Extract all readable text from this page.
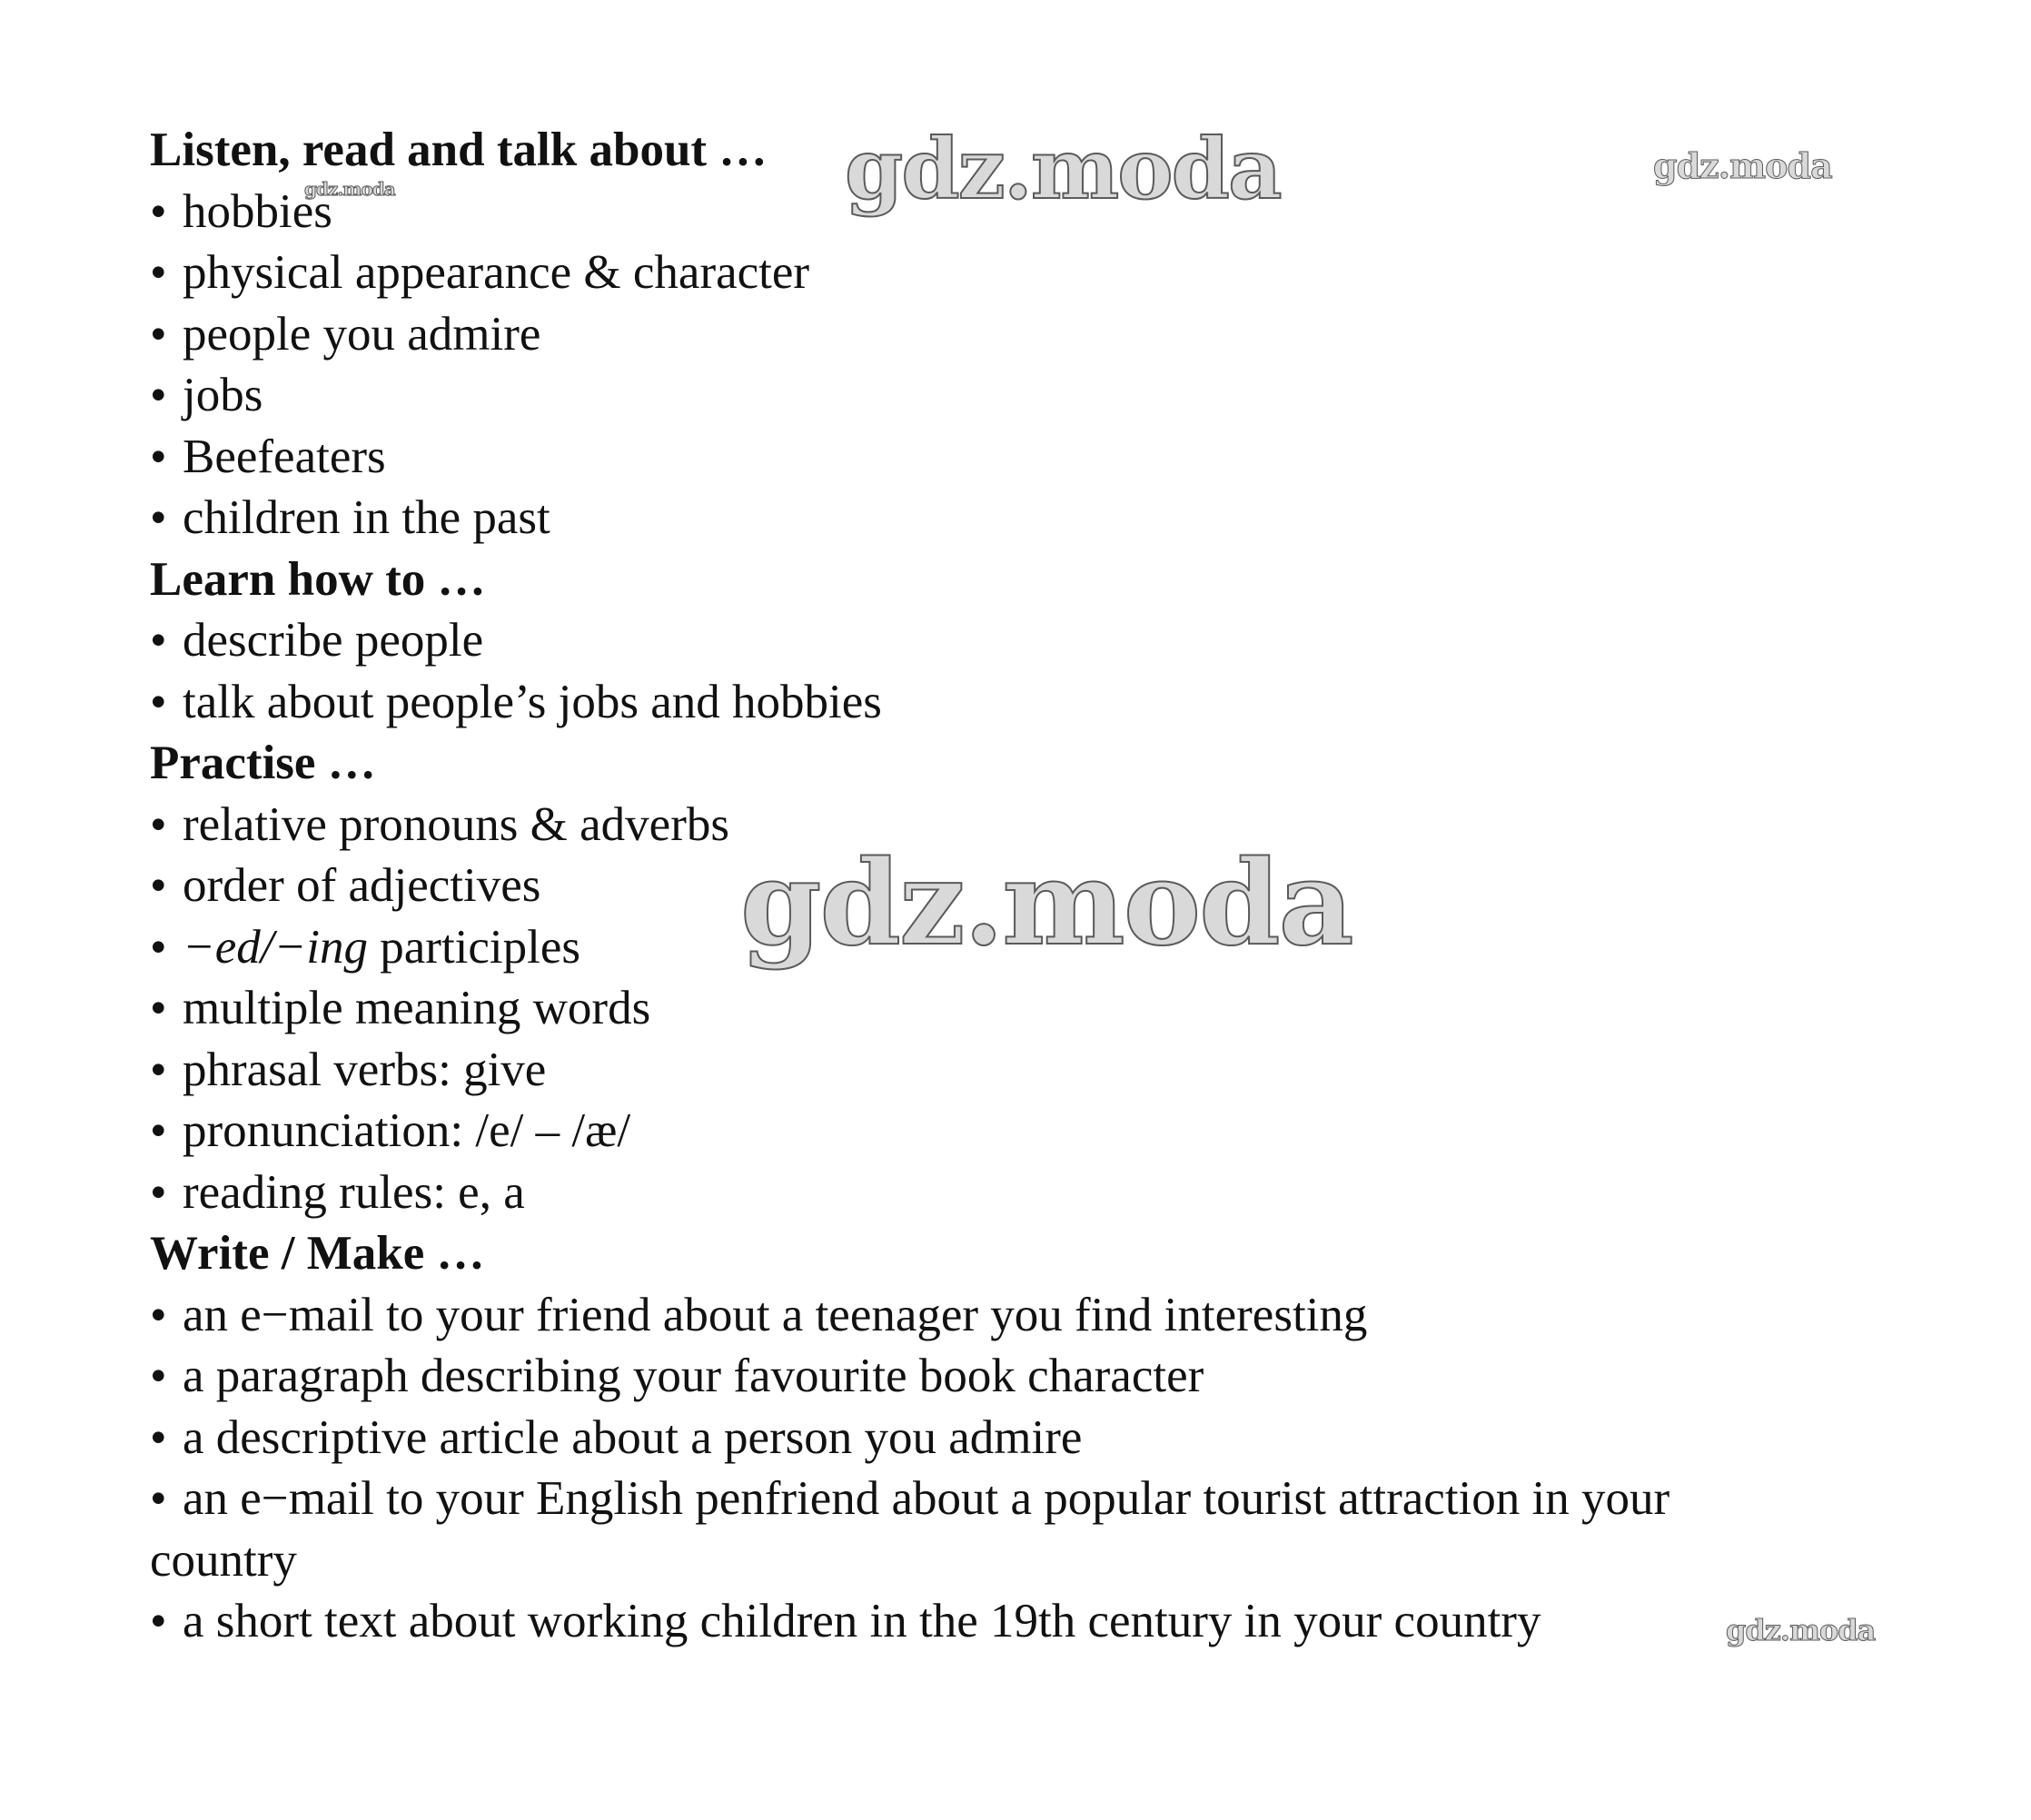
Listen, read and talk about …

• hobbies

• physical appearance & character

• people you admire

• jobs

• Beefeaters

• children in the past

Learn how to …

• describe people

• talk about people’s jobs and hobbies

Practise …

• relative pronouns & adverbs

• order of adjectives

• −ed/−ing participles

• multiple meaning words

• phrasal verbs: give

• pronunciation: /e/ – /æ/

• reading rules: e, a

Write / Make …

• an e−mail to your friend about a teenager you find interesting

• a paragraph describing your favourite book character

• a descriptive article about a person you admire

• an e−mail to your English penfriend about a popular tourist attraction in your

country

• a short text about working children in the 19th century in your country

gdz.moda
gdz.moda
gdz.moda
gdz.moda
gdz.moda
